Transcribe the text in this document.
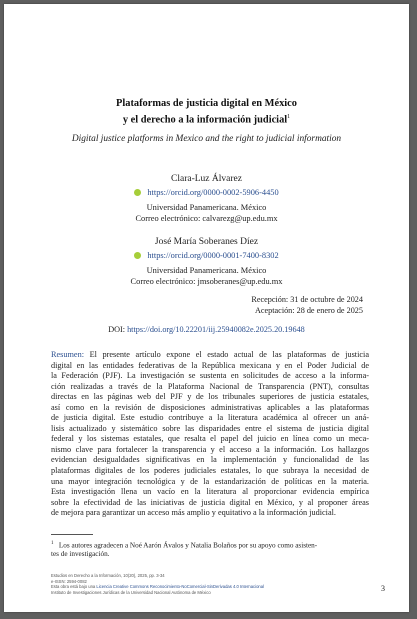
Plataformas de justicia digital en México
y el derecho a la información judicial$^1$
Digital justice platforms in Mexico and the right to judicial information
Clara-Luz Álvarez
https://orcid.org/0000-0002-5906-4450
Universidad Panamericana. México
Correo electrónico: calvarezg@up.edu.mx
José María Soberanes Díez
https://orcid.org/0000-0001-7400-8302
Universidad Panamericana. México
Correo electrónico: jmsoberanes@up.edu.mx
Recepción: 31 de octubre de 2024
Aceptación: 28 de enero de 2025
DOI: https://doi.org/10.22201/iij.25940082e.2025.20.19648
Resumen: El presente artículo expone el estado actual de las plataformas de justicia
digital en las entidades federativas de la República mexicana y en el Poder Judicial de
la Federación (PJF). La investigación se sustenta en solicitudes de acceso a la informa-
ción realizadas a través de la Plataforma Nacional de Transparencia (PNT), consultas
directas en las páginas web del PJF y de los tribunales superiores de justicia estatales,
así como en la revisión de disposiciones administrativas aplicables a las plataformas
de justicia digital. Este estudio contribuye a la literatura académica al ofrecer un aná-
lisis actualizado y sistemático sobre las disparidades entre el sistema de justicia digital
federal y los sistemas estatales, que resalta el papel del juicio en línea como un meca-
nismo clave para fortalecer la transparencia y el acceso a la información. Los hallazgos
evidencian desigualdades significativas en la implementación y funcionalidad de las
plataformas digitales de los poderes judiciales estatales, lo que subraya la necesidad de
una mayor integración tecnológica y de la estandarización de políticas en la materia.
Esta investigación llena un vacío en la literatura al proporcionar evidencia empírica
sobre la efectividad de las iniciativas de justicia digital en México, y al proponer áreas
de mejora para garantizar un acceso más amplio y equitativo a la información judicial.
$^1$ Los autores agradecen a Noé Aarón Ávalos y Natalia Bolaños por su apoyo como asisten-
tes de investigación.
Estudios en Derecho a la Información, 10(20), 2025, pp. 3-34
e-ISSN: 2594-0082
Esta obra está bajo una Licencia Creative Commons Reconocimiento-NoComercial-SinDerivadas 4.0 Internacional
Instituto de Investigaciones Jurídicas de la Universidad Nacional Autónoma de México	3
